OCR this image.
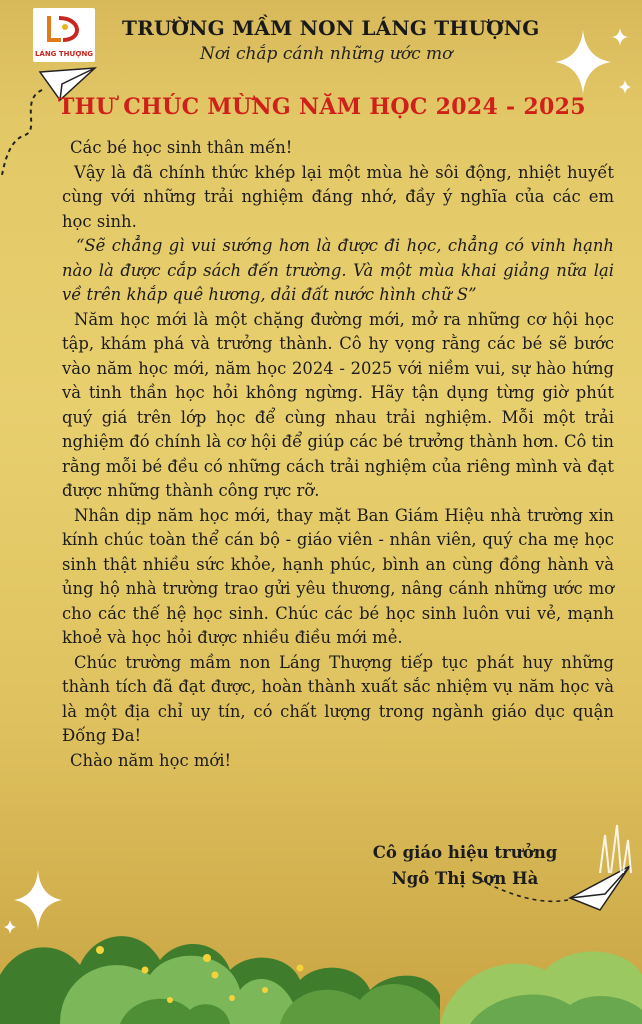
LÁNG THƯỢNG
TRƯỜNG MẦM NON LÁNG THƯỢNG
Nơi chắp cánh những ước mơ
THƯ CHÚC MỪNG NĂM HỌC 2024 - 2025

Các bé học sinh thân mến!

Vậy là đã chính thức khép lại một mùa hè sôi động, nhiệt huyết cùng với những trải nghiệm đáng nhớ, đầy ý nghĩa của các em học sinh.

“Sẽ chẳng gì vui sướng hơn là được đi học, chẳng có vinh hạnh nào là được cắp sách đến trường. Và một mùa khai giảng nữa lại về trên khắp quê hương, dải đất nước hình chữ S”

Năm học mới là một chặng đường mới, mở ra những cơ hội học tập, khám phá và trưởng thành. Cô hy vọng rằng các bé sẽ bước vào năm học mới, năm học 2024 - 2025 với niềm vui, sự hào hứng và tinh thần học hỏi không ngừng. Hãy tận dụng từng giờ phút quý giá trên lớp học để cùng nhau trải nghiệm. Mỗi một trải nghiệm đó chính là cơ hội để giúp các bé trưởng thành hơn. Cô tin rằng mỗi bé đều có những cách trải nghiệm của riêng mình và đạt được những thành công rực rỡ.

Nhân dịp năm học mới, thay mặt Ban Giám Hiệu nhà trường xin kính chúc toàn thể cán bộ - giáo viên - nhân viên, quý cha mẹ học sinh thật nhiều sức khỏe, hạnh phúc, bình an cùng đồng hành và ủng hộ nhà trường trao gửi yêu thương, nâng cánh những ước mơ cho các thế hệ học sinh. Chúc các bé học sinh luôn vui vẻ, mạnh khoẻ và học hỏi được nhiều điều mới mẻ.

Chúc trường mầm non Láng Thượng tiếp tục phát huy những thành tích đã đạt được, hoàn thành xuất sắc nhiệm vụ năm học và là một địa chỉ uy tín, có chất lượng trong ngành giáo dục quận Đống Đa!

Chào năm học mới!

Cô giáo hiệu trưởng
Ngô Thị Sơn Hà
